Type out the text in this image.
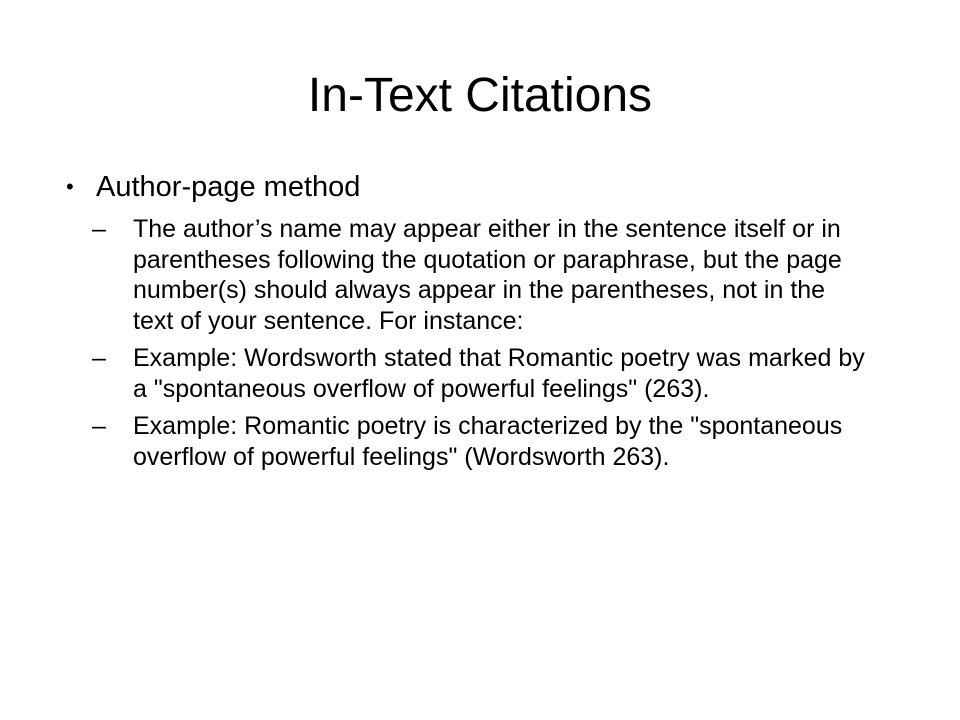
In-Text Citations
• Author-page method
–	The author’s name may appear either in the sentence itself or in parentheses following the quotation or paraphrase, but the page number(s) should always appear in the parentheses, not in the text of your sentence. For instance:
–	Example: Wordsworth stated that Romantic poetry was marked by a "spontaneous overflow of powerful feelings" (263).
–	Example: Romantic poetry is characterized by the "spontaneous overflow of powerful feelings" (Wordsworth 263).
